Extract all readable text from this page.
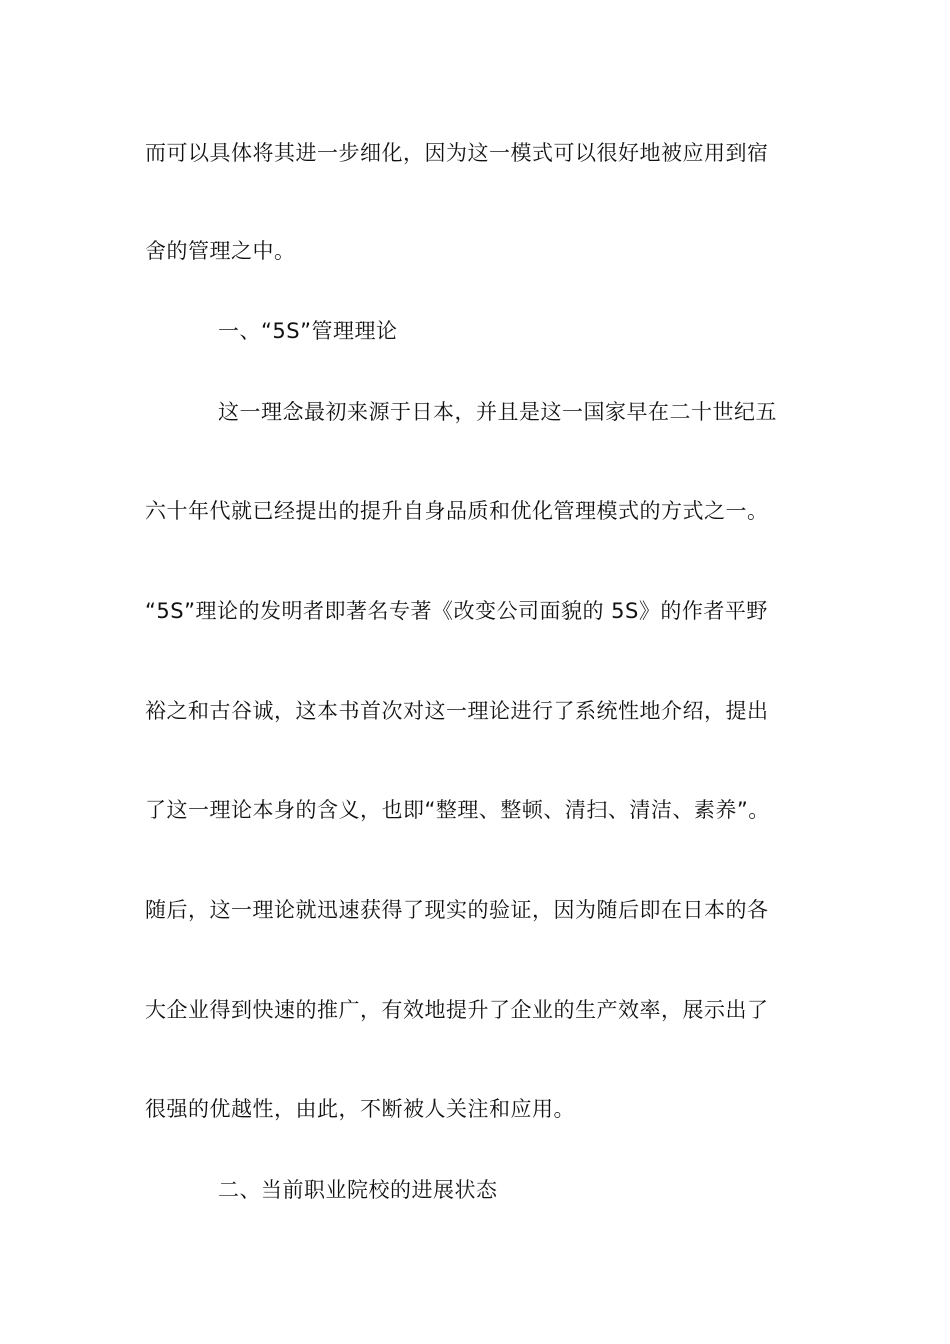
而可以具体将其进一步细化，因为这一模式可以很好地被应用到宿
舍的管理之中。
一、“5S”管理理论
这一理念最初来源于日本，并且是这一国家早在二十世纪五
六十年代就已经提出的提升自身品质和优化管理模式的方式之一。
“5S”理论的发明者即著名专著《改变公司面貌的 5S》的作者平野
裕之和古谷诚，这本书首次对这一理论进行了系统性地介绍，提出
了这一理论本身的含义，也即“整理、整顿、清扫、清洁、素养”。
随后，这一理论就迅速获得了现实的验证，因为随后即在日本的各
大企业得到快速的推广，有效地提升了企业的生产效率，展示出了
很强的优越性，由此，不断被人关注和应用。
二、当前职业院校的进展状态
